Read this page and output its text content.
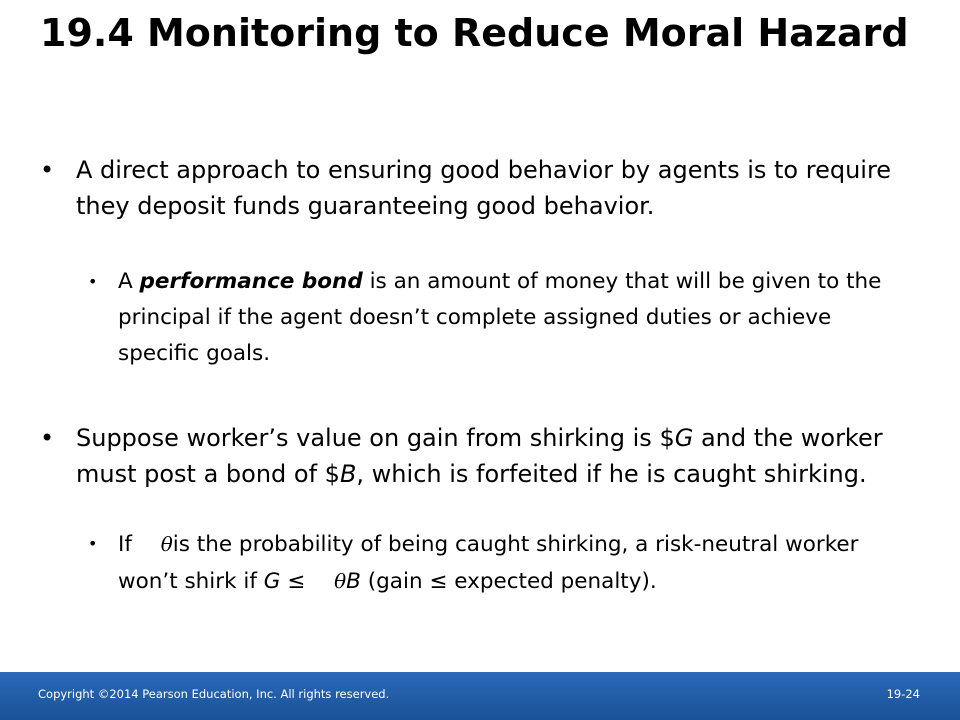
19.4 Monitoring to Reduce Moral Hazard
• A direct approach to ensuring good behavior by agents is to require they deposit funds guaranteeing good behavior.
• A performance bond is an amount of money that will be given to the principal if the agent doesn’t complete assigned duties or achieve specific goals.
• Suppose worker’s value on gain from shirking is $G and the worker must post a bond of $B, which is forfeited if he is caught shirking.
• If θis the probability of being caught shirking, a risk-neutral worker won’t shirk if G ≤ θB (gain ≤ expected penalty).
Copyright ©2014 Pearson Education, Inc. All rights reserved.	19-24
